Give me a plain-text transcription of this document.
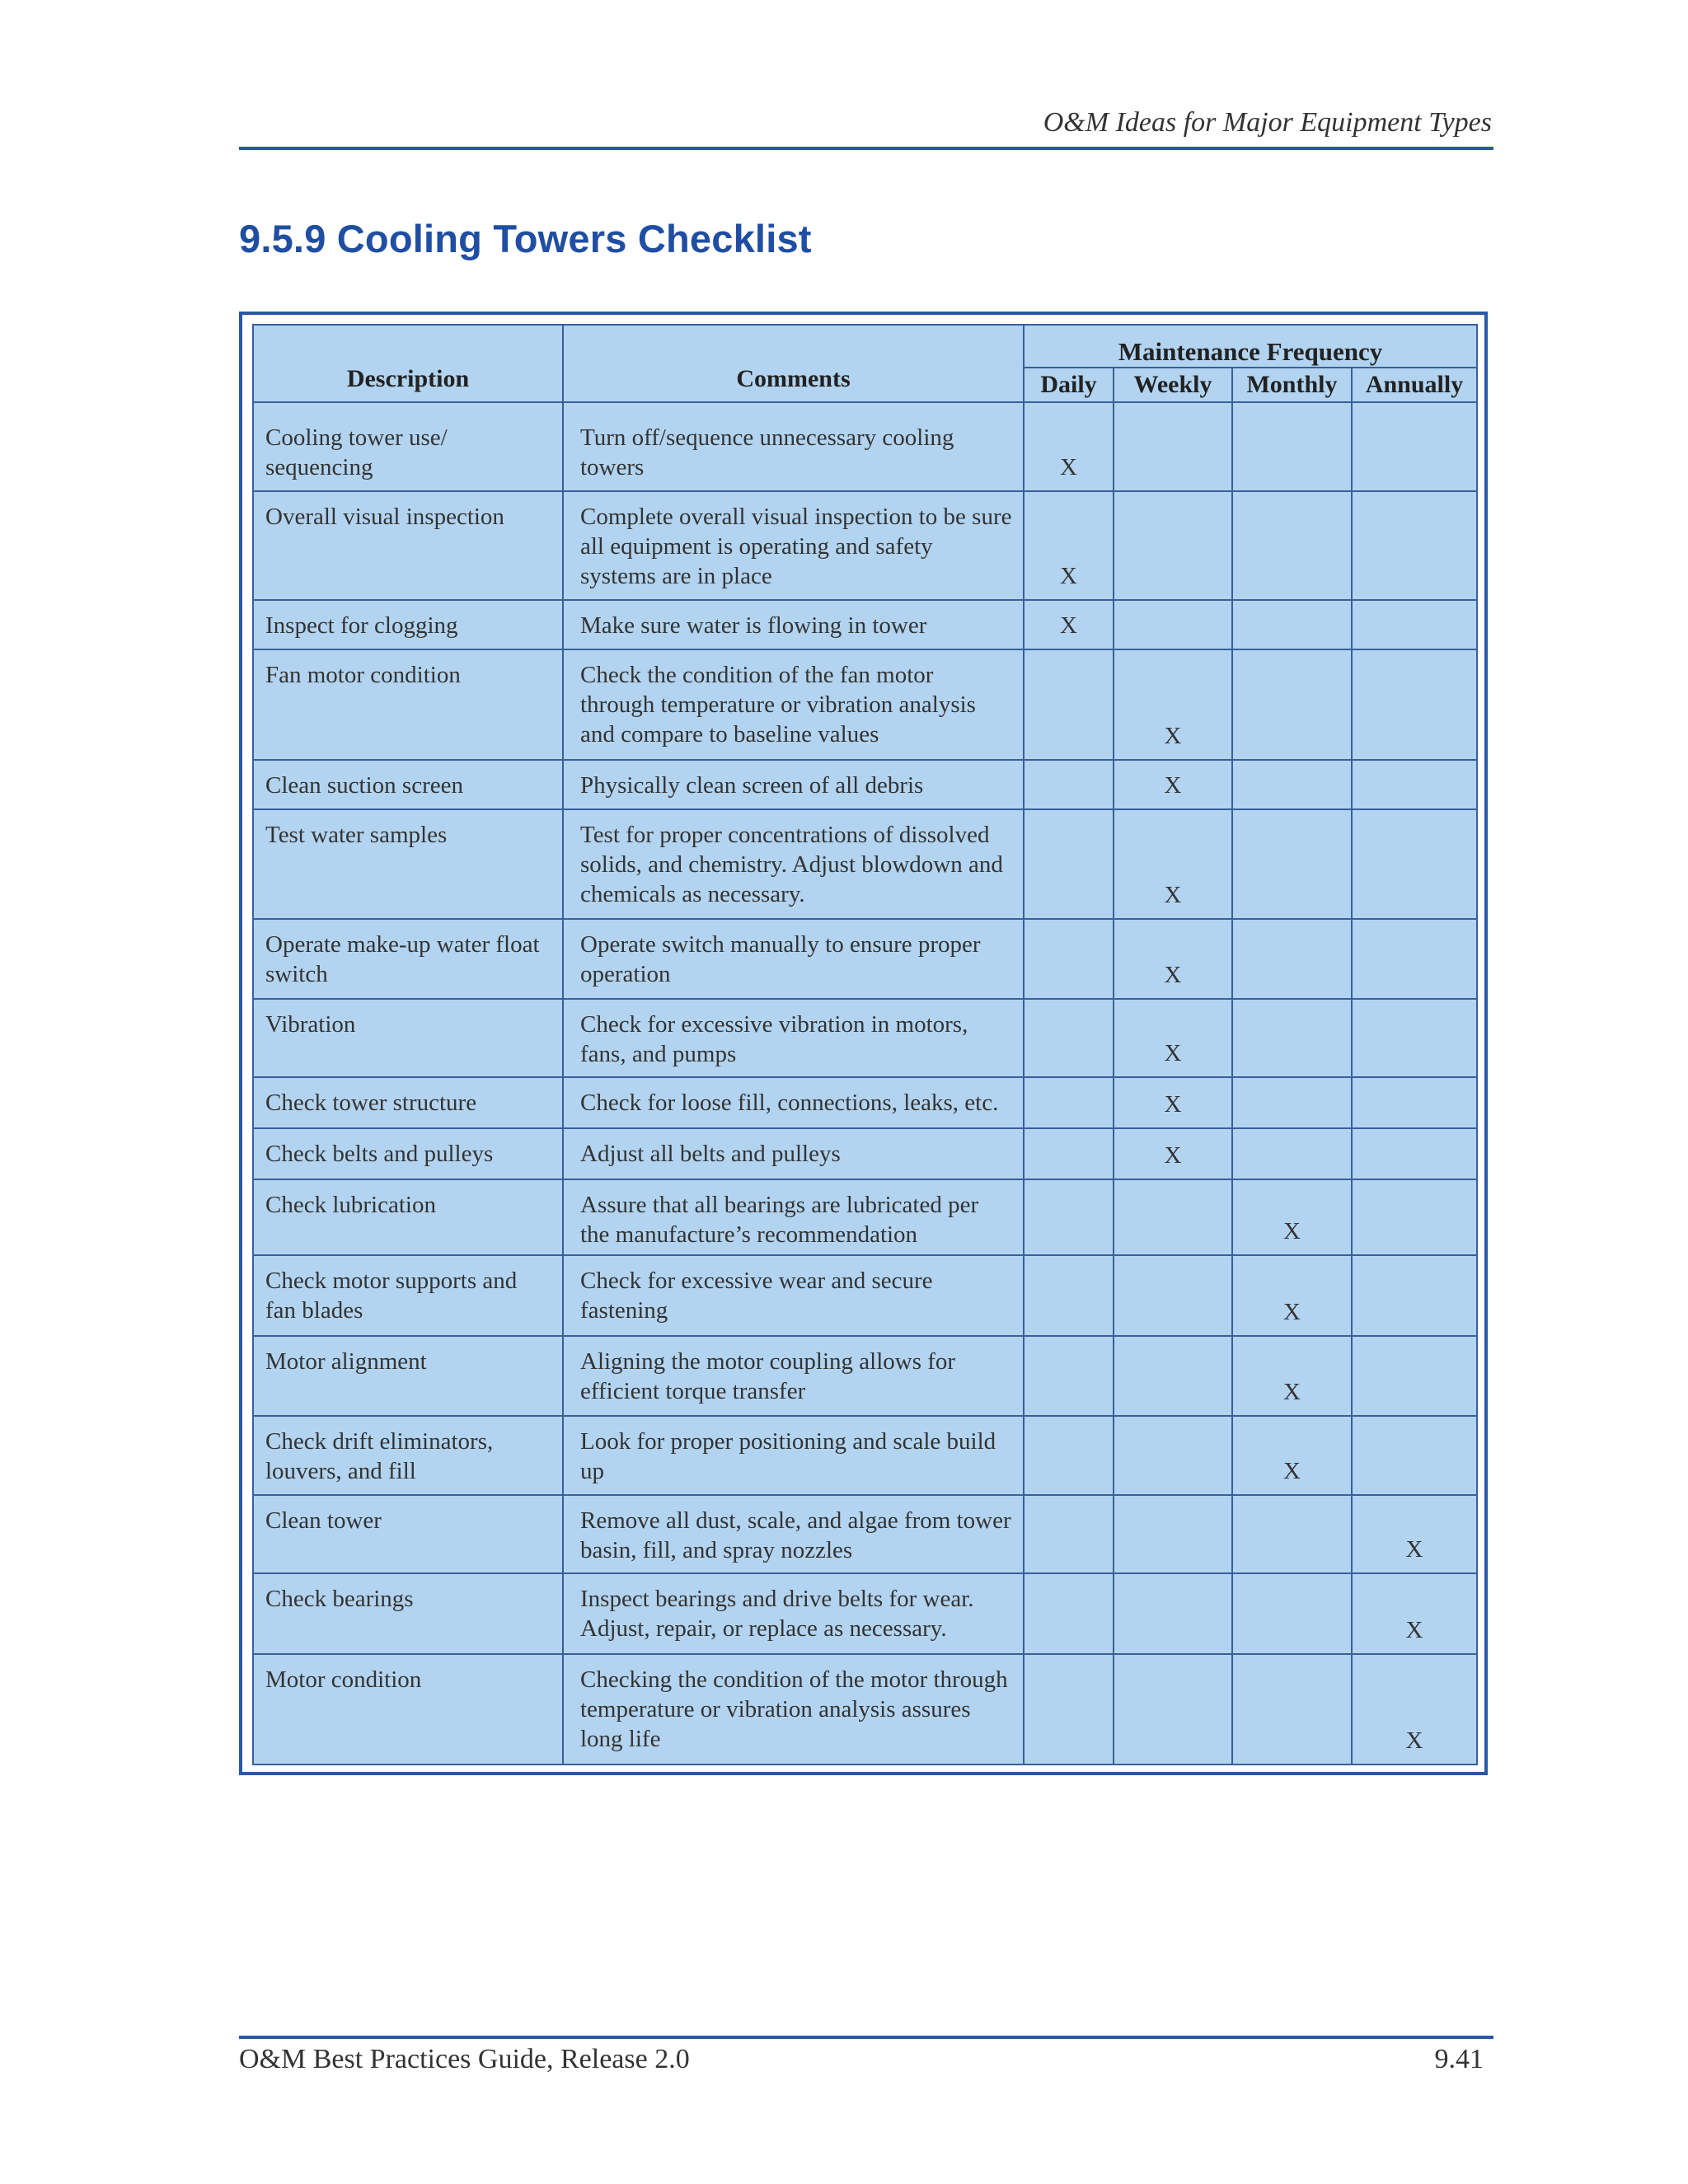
O&M Ideas for Major Equipment Types
9.5.9 Cooling Towers Checklist
Description	Comments	Maintenance Frequency			
		Daily	Weekly	Monthly	Annually
Cooling tower use/ sequencing	Turn off/sequence unnecessary cooling towers	X			
Overall visual inspection	Complete overall visual inspection to be sure all equipment is operating and safety systems are in place	X			
Inspect for clogging	Make sure water is flowing in tower	X			
Fan motor condition	Check the condition of the fan motor through temperature or vibration analysis and compare to baseline values		X		
Clean suction screen	Physically clean screen of all debris		X		
Test water samples	Test for proper concentrations of dissolved solids, and chemistry. Adjust blowdown and chemicals as necessary.		X		
Operate make-up water float switch	Operate switch manually to ensure proper operation		X		
Vibration	Check for excessive vibration in motors, fans, and pumps		X		
Check tower structure	Check for loose fill, connections, leaks, etc.		X		
Check belts and pulleys	Adjust all belts and pulleys		X		
Check lubrication	Assure that all bearings are lubricated per the manufacture’s recommendation			X	
Check motor supports and fan blades	Check for excessive wear and secure fastening			X	
Motor alignment	Aligning the motor coupling allows for efficient torque transfer			X	
Check drift eliminators, louvers, and fill	Look for proper positioning and scale build up			X	
Clean tower	Remove all dust, scale, and algae from tower basin, fill, and spray nozzles				X
Check bearings	Inspect bearings and drive belts for wear. Adjust, repair, or replace as necessary.				X
Motor condition	Checking the condition of the motor through temperature or vibration analysis assures long life				X
O&M Best Practices Guide, Release 2.0	9.41
